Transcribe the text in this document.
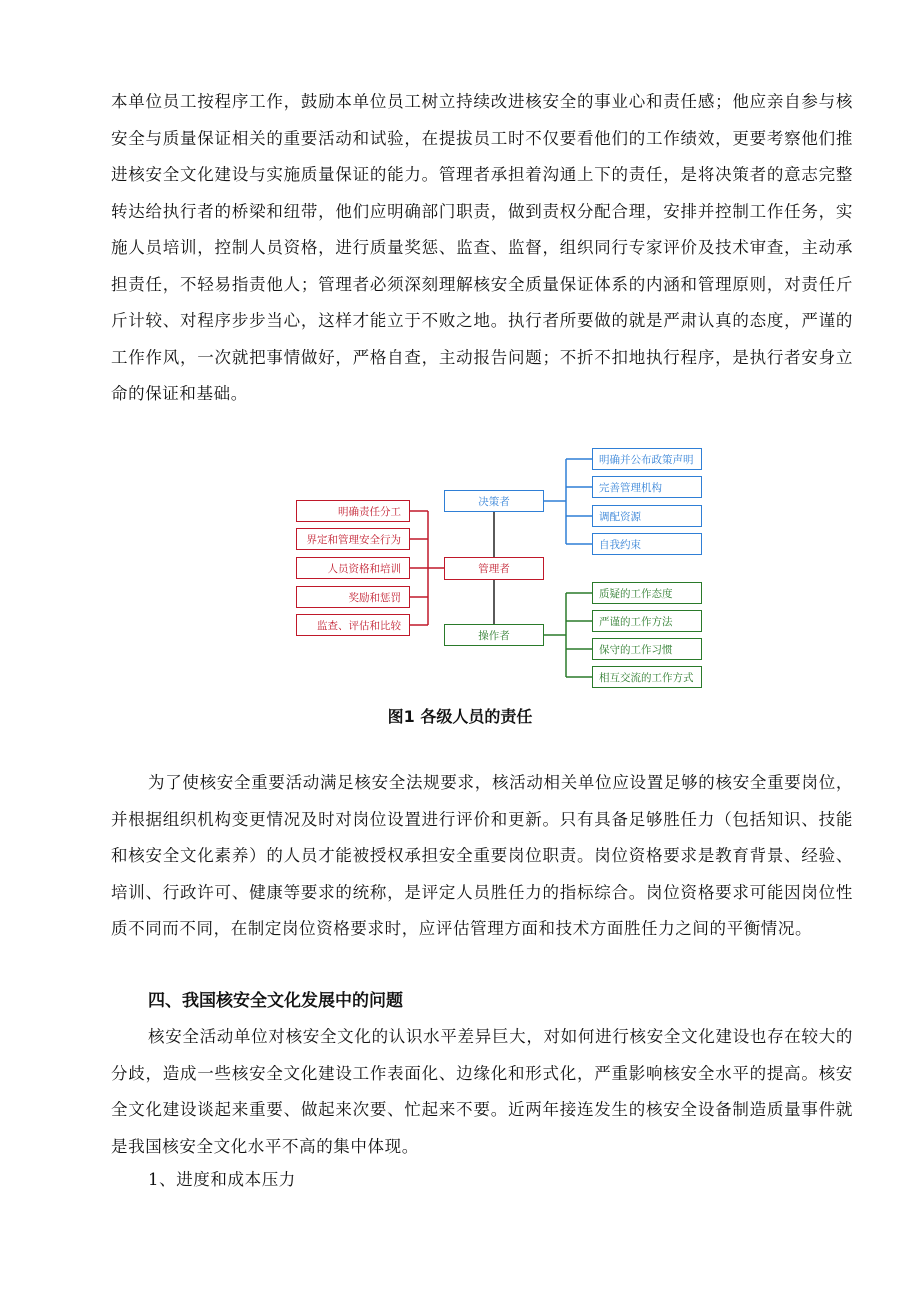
本单位员工按程序工作，鼓励本单位员工树立持续改进核安全的事业心和责任感；他应亲自参与核安全与质量保证相关的重要活动和试验，在提拔员工时不仅要看他们的工作绩效，更要考察他们推进核安全文化建设与实施质量保证的能力。管理者承担着沟通上下的责任，是将决策者的意志完整转达给执行者的桥梁和纽带，他们应明确部门职责，做到责权分配合理，安排并控制工作任务，实施人员培训，控制人员资格，进行质量奖惩、监查、监督，组织同行专家评价及技术审查，主动承担责任，不轻易指责他人；管理者必须深刻理解核安全质量保证体系的内涵和管理原则，对责任斤斤计较、对程序步步当心，这样才能立于不败之地。执行者所要做的就是严肃认真的态度，严谨的工作作风，一次就把事情做好，严格自查，主动报告问题；不折不扣地执行程序，是执行者安身立命的保证和基础。

决策者
管理者
操作者
明确责任分工
界定和管理安全行为
人员资格和培训
奖励和惩罚
监查、评估和比较
明确并公布政策声明
完善管理机构
调配资源
自我约束
质疑的工作态度
严谨的工作方法
保守的工作习惯
相互交流的工作方式

图1 各级人员的责任

为了使核安全重要活动满足核安全法规要求，核活动相关单位应设置足够的核安全重要岗位，并根据组织机构变更情况及时对岗位设置进行评价和更新。只有具备足够胜任力（包括知识、技能和核安全文化素养）的人员才能被授权承担安全重要岗位职责。岗位资格要求是教育背景、经验、培训、行政许可、健康等要求的统称，是评定人员胜任力的指标综合。岗位资格要求可能因岗位性质不同而不同，在制定岗位资格要求时，应评估管理方面和技术方面胜任力之间的平衡情况。

四、我国核安全文化发展中的问题

核安全活动单位对核安全文化的认识水平差异巨大，对如何进行核安全文化建设也存在较大的分歧，造成一些核安全文化建设工作表面化、边缘化和形式化，严重影响核安全水平的提高。核安全文化建设谈起来重要、做起来次要、忙起来不要。近两年接连发生的核安全设备制造质量事件就是我国核安全文化水平不高的集中体现。

1、进度和成本压力
